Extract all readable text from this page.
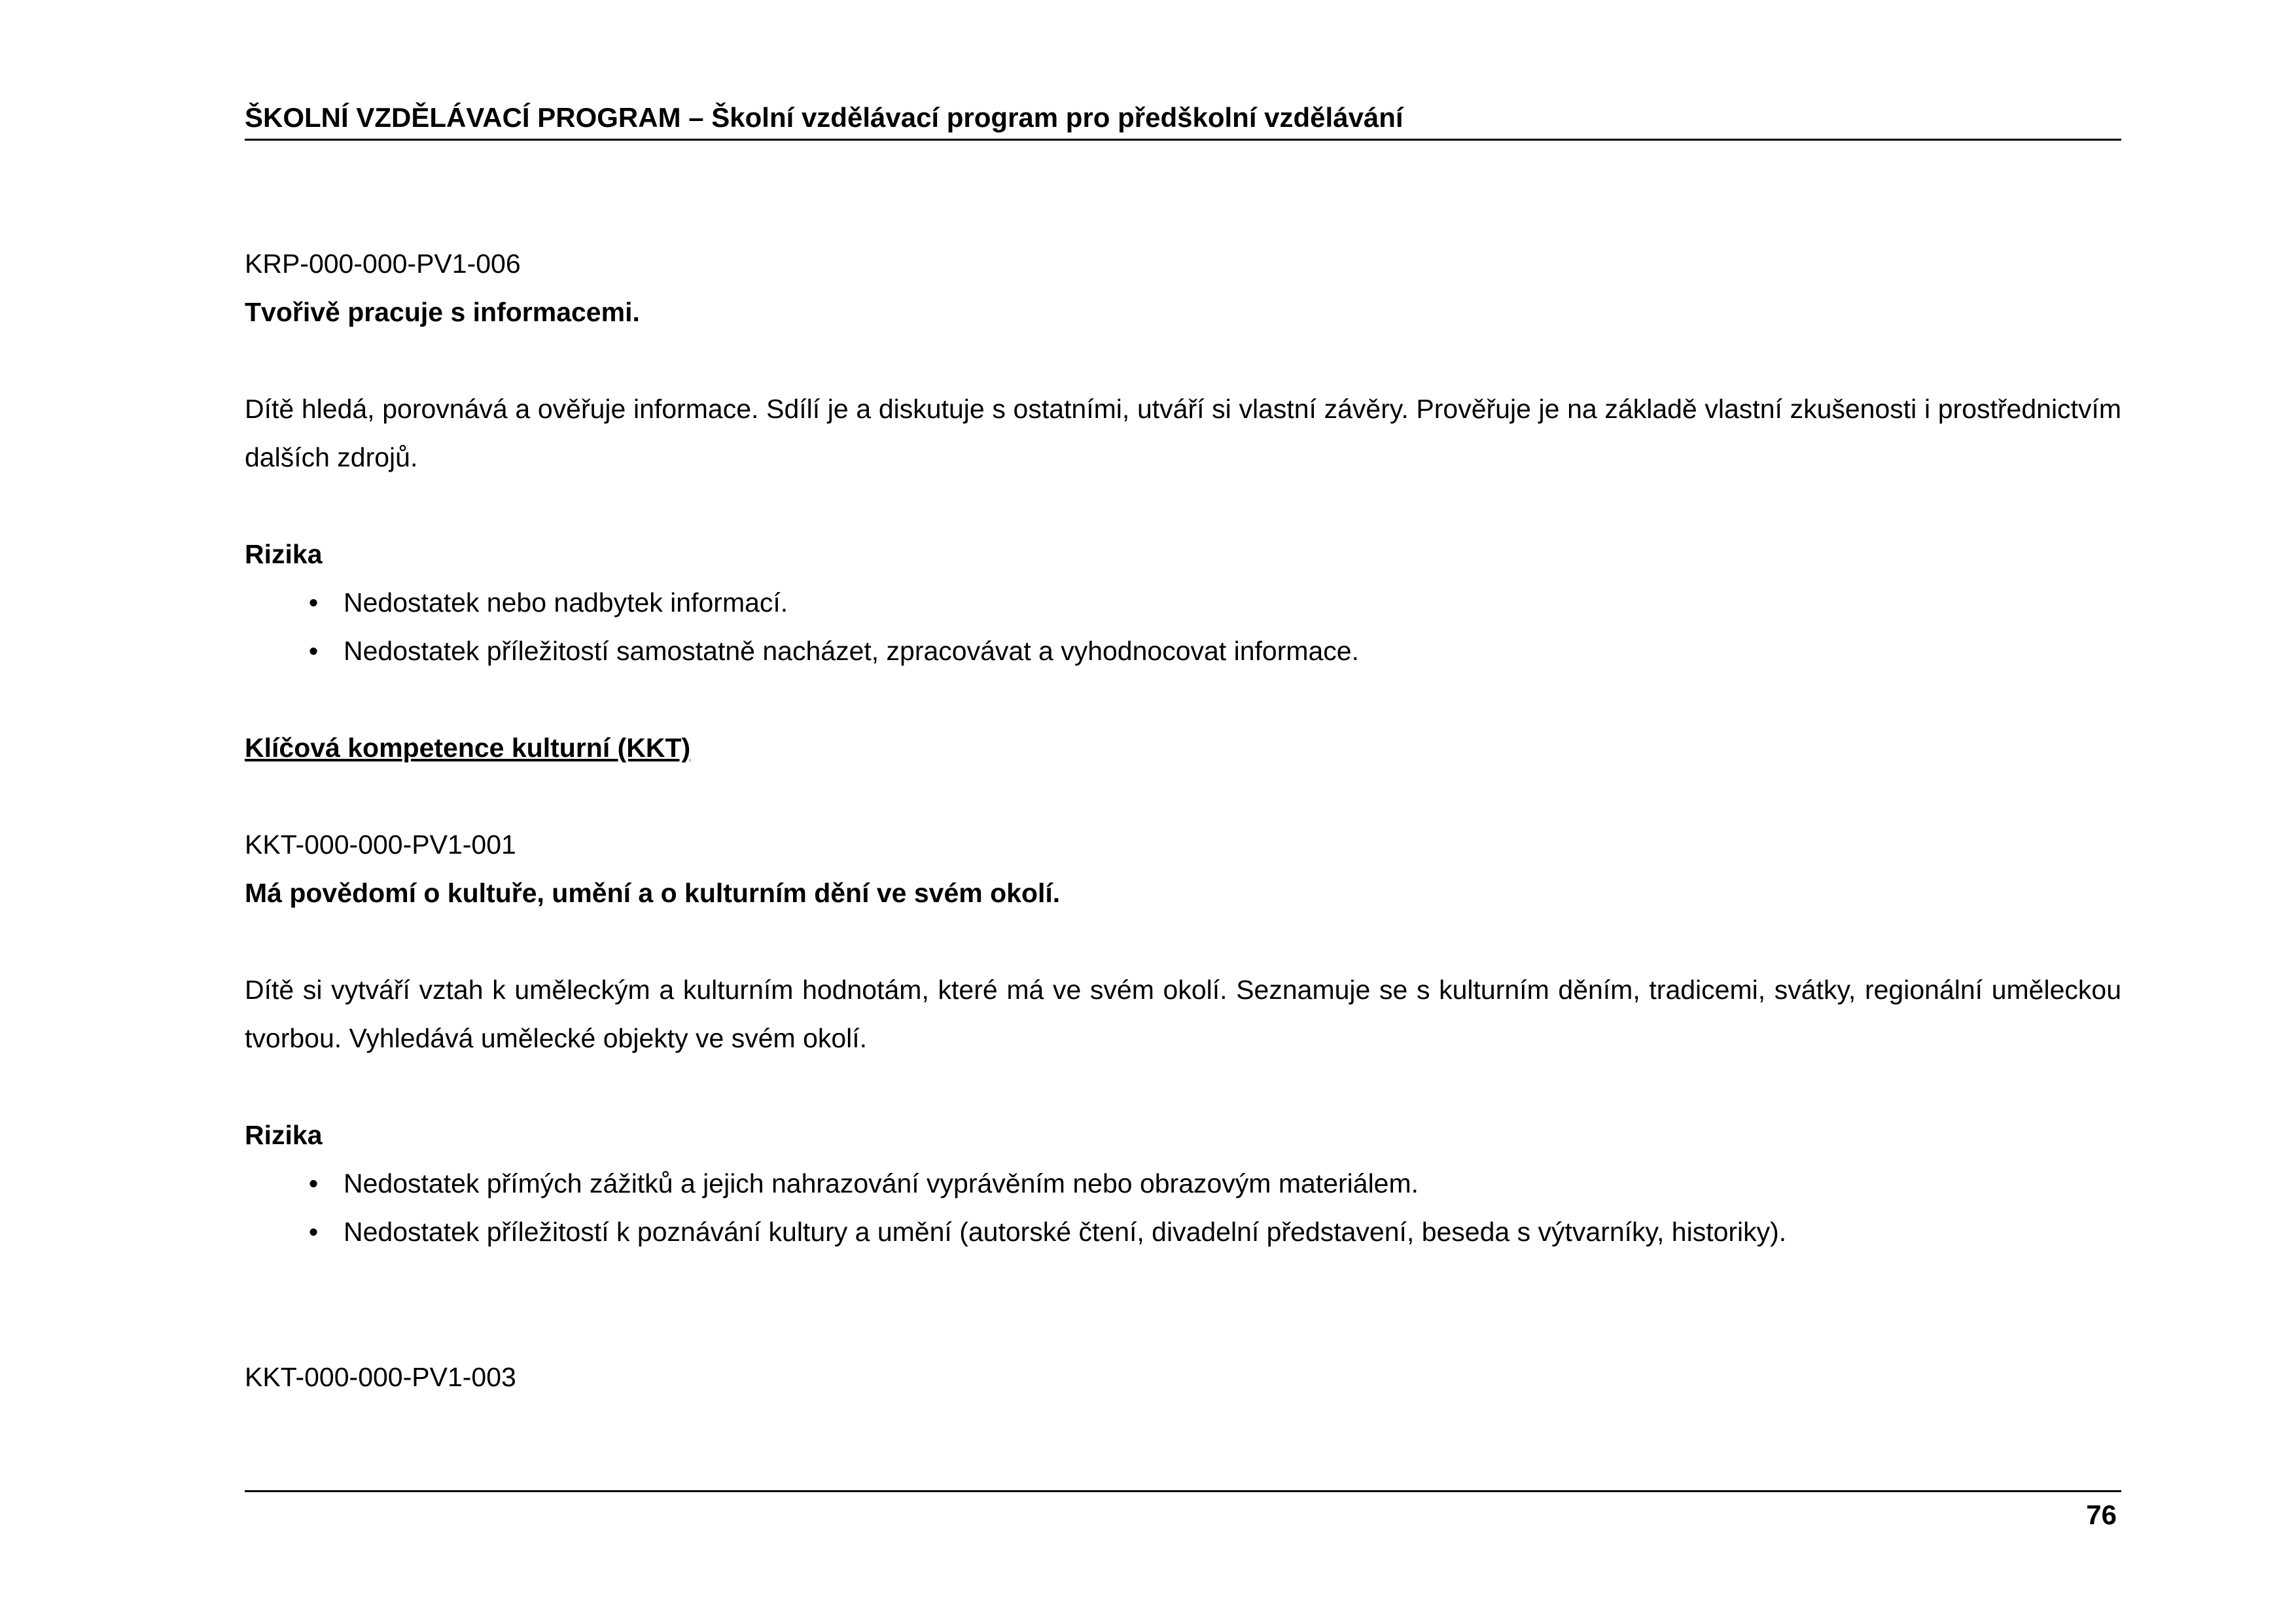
ŠKOLNÍ VZDĚLÁVACÍ PROGRAM – Školní vzdělávací program pro předškolní vzdělávání

KRP-000-000-PV1-006

Tvořivě pracuje s informacemi.

Dítě hledá, porovnává a ověřuje informace. Sdílí je a diskutuje s ostatními, utváří si vlastní závěry. Prověřuje je na základě vlastní zkušenosti i prostřednictvím dalších zdrojů.

Rizika

• Nedostatek nebo nadbytek informací.
• Nedostatek příležitostí samostatně nacházet, zpracovávat a vyhodnocovat informace.

Klíčová kompetence kulturní (KKT)

KKT-000-000-PV1-001

Má povědomí o kultuře, umění a o kulturním dění ve svém okolí.

Dítě si vytváří vztah k uměleckým a kulturním hodnotám, které má ve svém okolí. Seznamuje se s kulturním děním, tradicemi, svátky, regionální uměleckou tvorbou. Vyhledává umělecké objekty ve svém okolí.

Rizika

• Nedostatek přímých zážitků a jejich nahrazování vyprávěním nebo obrazovým materiálem.
• Nedostatek příležitostí k poznávání kultury a umění (autorské čtení, divadelní představení, beseda s výtvarníky, historiky).

KKT-000-000-PV1-003

76
